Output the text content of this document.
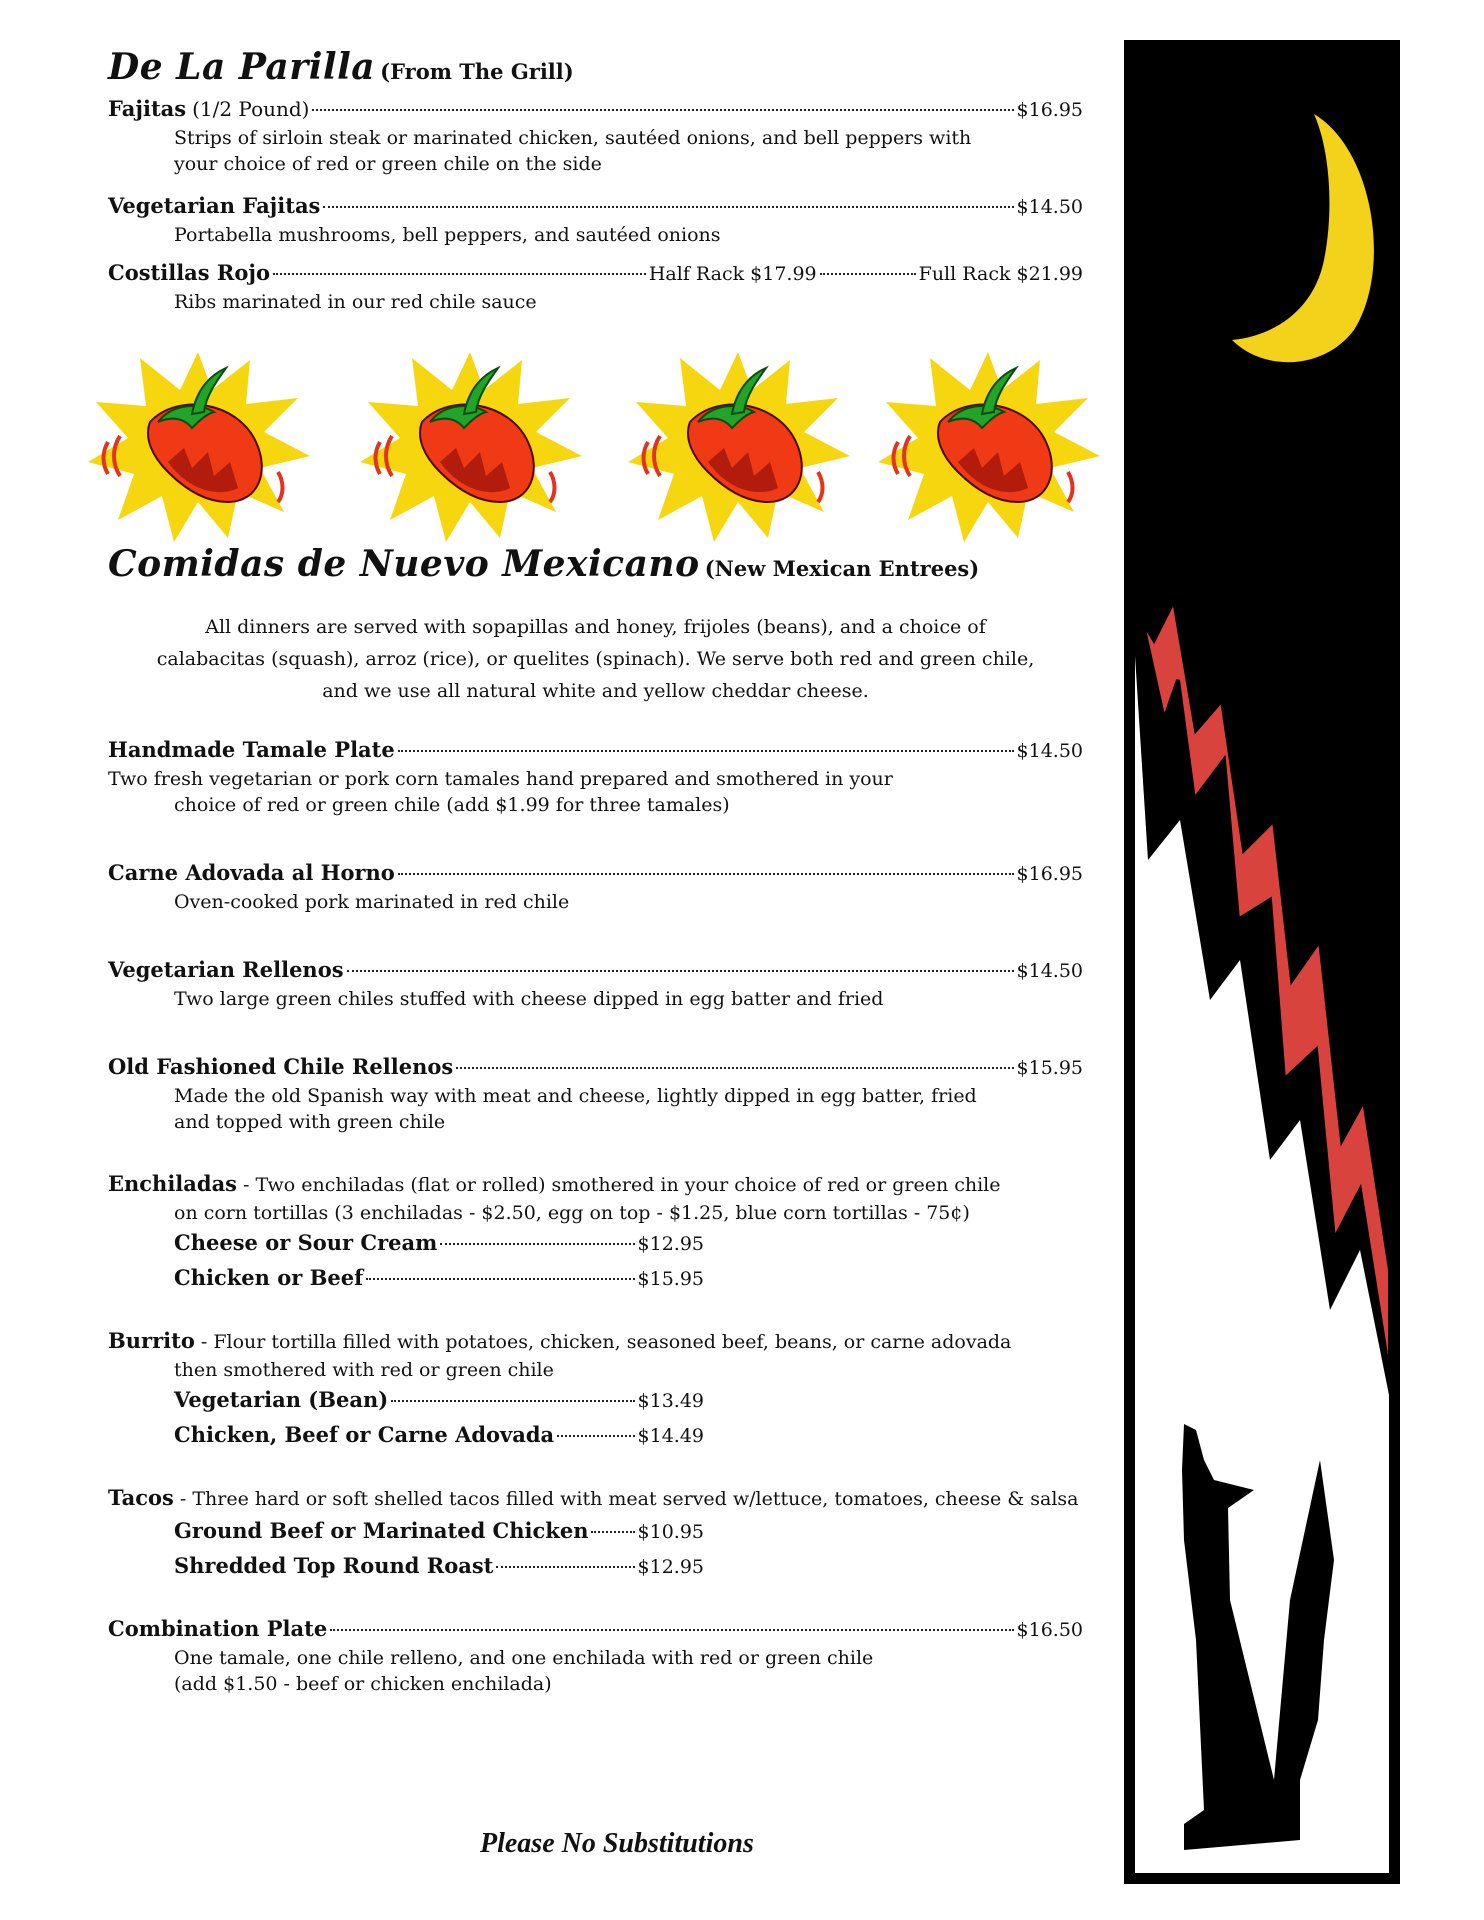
De La Parilla (From The Grill)
Fajitas (1/2 Pound)	$16.95
Strips of sirloin steak or marinated chicken, sautéed onions, and bell peppers with
your choice of red or green chile on the side
Vegetarian Fajitas	$14.50
Portabella mushrooms, bell peppers, and sautéed onions
Costillas Rojo	Half Rack $17.99	Full Rack $21.99
Ribs marinated in our red chile sauce
Comidas de Nuevo Mexicano (New Mexican Entrees)
All dinners are served with sopapillas and honey, frijoles (beans), and a choice of
calabacitas (squash), arroz (rice), or quelites (spinach). We serve both red and green chile,
and we use all natural white and yellow cheddar cheese.
Handmade Tamale Plate	$14.50
Two fresh vegetarian or pork corn tamales hand prepared and smothered in your
choice of red or green chile (add $1.99 for three tamales)
Carne Adovada al Horno	$16.95
Oven-cooked pork marinated in red chile
Vegetarian Rellenos	$14.50
Two large green chiles stuffed with cheese dipped in egg batter and fried
Old Fashioned Chile Rellenos	$15.95
Made the old Spanish way with meat and cheese, lightly dipped in egg batter, fried
and topped with green chile
Enchiladas - Two enchiladas (flat or rolled) smothered in your choice of red or green chile
on corn tortillas (3 enchiladas - $2.50, egg on top - $1.25, blue corn tortillas - 75¢)
Cheese or Sour Cream	$12.95
Chicken or Beef	$15.95
Burrito - Flour tortilla filled with potatoes, chicken, seasoned beef, beans, or carne adovada
then smothered with red or green chile
Vegetarian (Bean)	$13.49
Chicken, Beef or Carne Adovada	$14.49
Tacos - Three hard or soft shelled tacos filled with meat served w/lettuce, tomatoes, cheese & salsa
Ground Beef or Marinated Chicken	$10.95
Shredded Top Round Roast	$12.95
Combination Plate	$16.50
One tamale, one chile relleno, and one enchilada with red or green chile
(add $1.50 - beef or chicken enchilada)
Please No Substitutions
